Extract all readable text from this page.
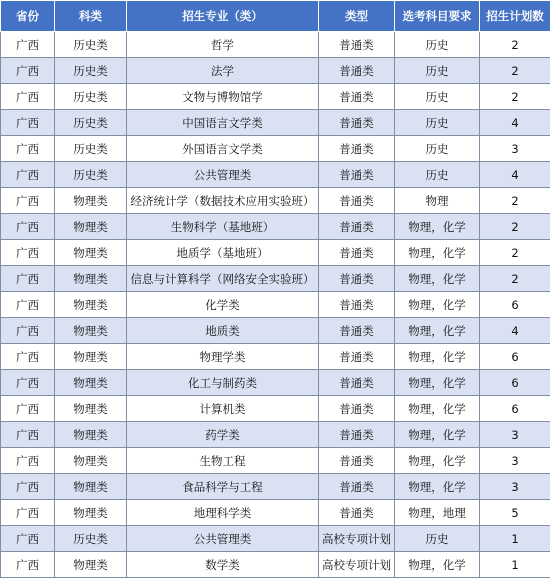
省份	科类	招生专业（类）	类型	选考科目要求	招生计划数
广西	历史类	哲学	普通类	历史	2
广西	历史类	法学	普通类	历史	2
广西	历史类	文物与博物馆学	普通类	历史	2
广西	历史类	中国语言文学类	普通类	历史	4
广西	历史类	外国语言文学类	普通类	历史	3
广西	历史类	公共管理类	普通类	历史	4
广西	物理类	经济统计学（数据技术应用实验班）	普通类	物理	2
广西	物理类	生物科学（基地班）	普通类	物理，化学	2
广西	物理类	地质学（基地班）	普通类	物理，化学	2
广西	物理类	信息与计算科学（网络安全实验班）	普通类	物理，化学	2
广西	物理类	化学类	普通类	物理，化学	6
广西	物理类	地质类	普通类	物理，化学	4
广西	物理类	物理学类	普通类	物理，化学	6
广西	物理类	化工与制药类	普通类	物理，化学	6
广西	物理类	计算机类	普通类	物理，化学	6
广西	物理类	药学类	普通类	物理，化学	3
广西	物理类	生物工程	普通类	物理，化学	3
广西	物理类	食品科学与工程	普通类	物理，化学	3
广西	物理类	地理科学类	普通类	物理，地理	5
广西	历史类	公共管理类	高校专项计划	历史	1
广西	物理类	数学类	高校专项计划	物理，化学	1
